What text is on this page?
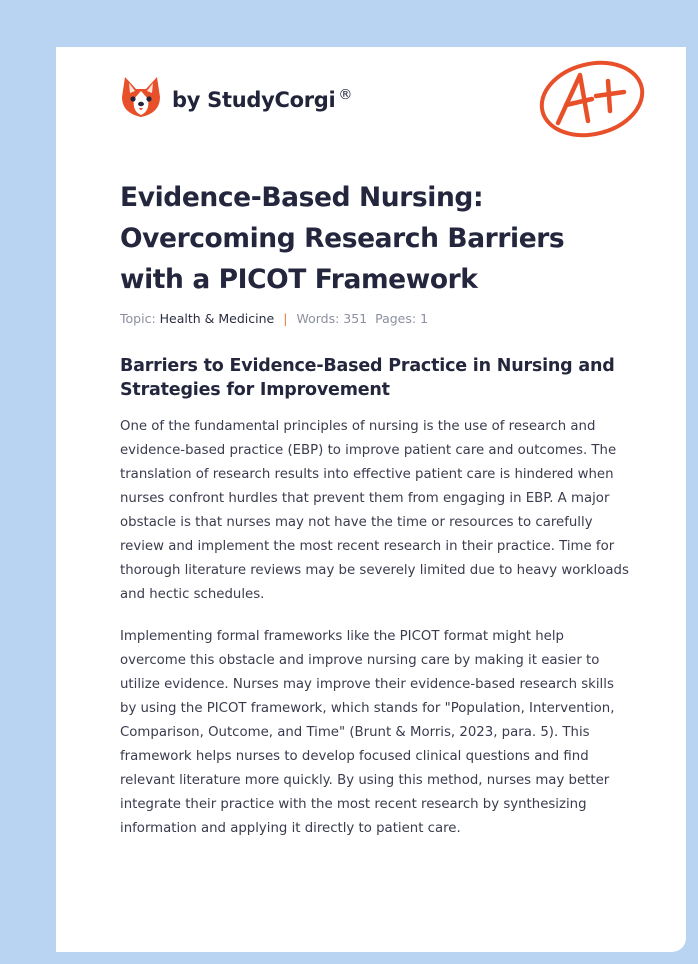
by StudyCorgi ®
Evidence-Based Nursing: Overcoming Research Barriers with a PICOT Framework
Topic: Health & Medicine | Words: 351 Pages: 1
Barriers to Evidence-Based Practice in Nursing and Strategies for Improvement

One of the fundamental principles of nursing is the use of research and evidence-based practice (EBP) to improve patient care and outcomes. The translation of research results into effective patient care is hindered when nurses confront hurdles that prevent them from engaging in EBP. A major obstacle is that nurses may not have the time or resources to carefully review and implement the most recent research in their practice. Time for thorough literature reviews may be severely limited due to heavy workloads and hectic schedules.

Implementing formal frameworks like the PICOT format might help overcome this obstacle and improve nursing care by making it easier to utilize evidence. Nurses may improve their evidence-based research skills by using the PICOT framework, which stands for "Population, Intervention, Comparison, Outcome, and Time" (Brunt & Morris, 2023, para. 5). This framework helps nurses to develop focused clinical questions and find relevant literature more quickly. By using this method, nurses may better integrate their practice with the most recent research by synthesizing information and applying it directly to patient care.
